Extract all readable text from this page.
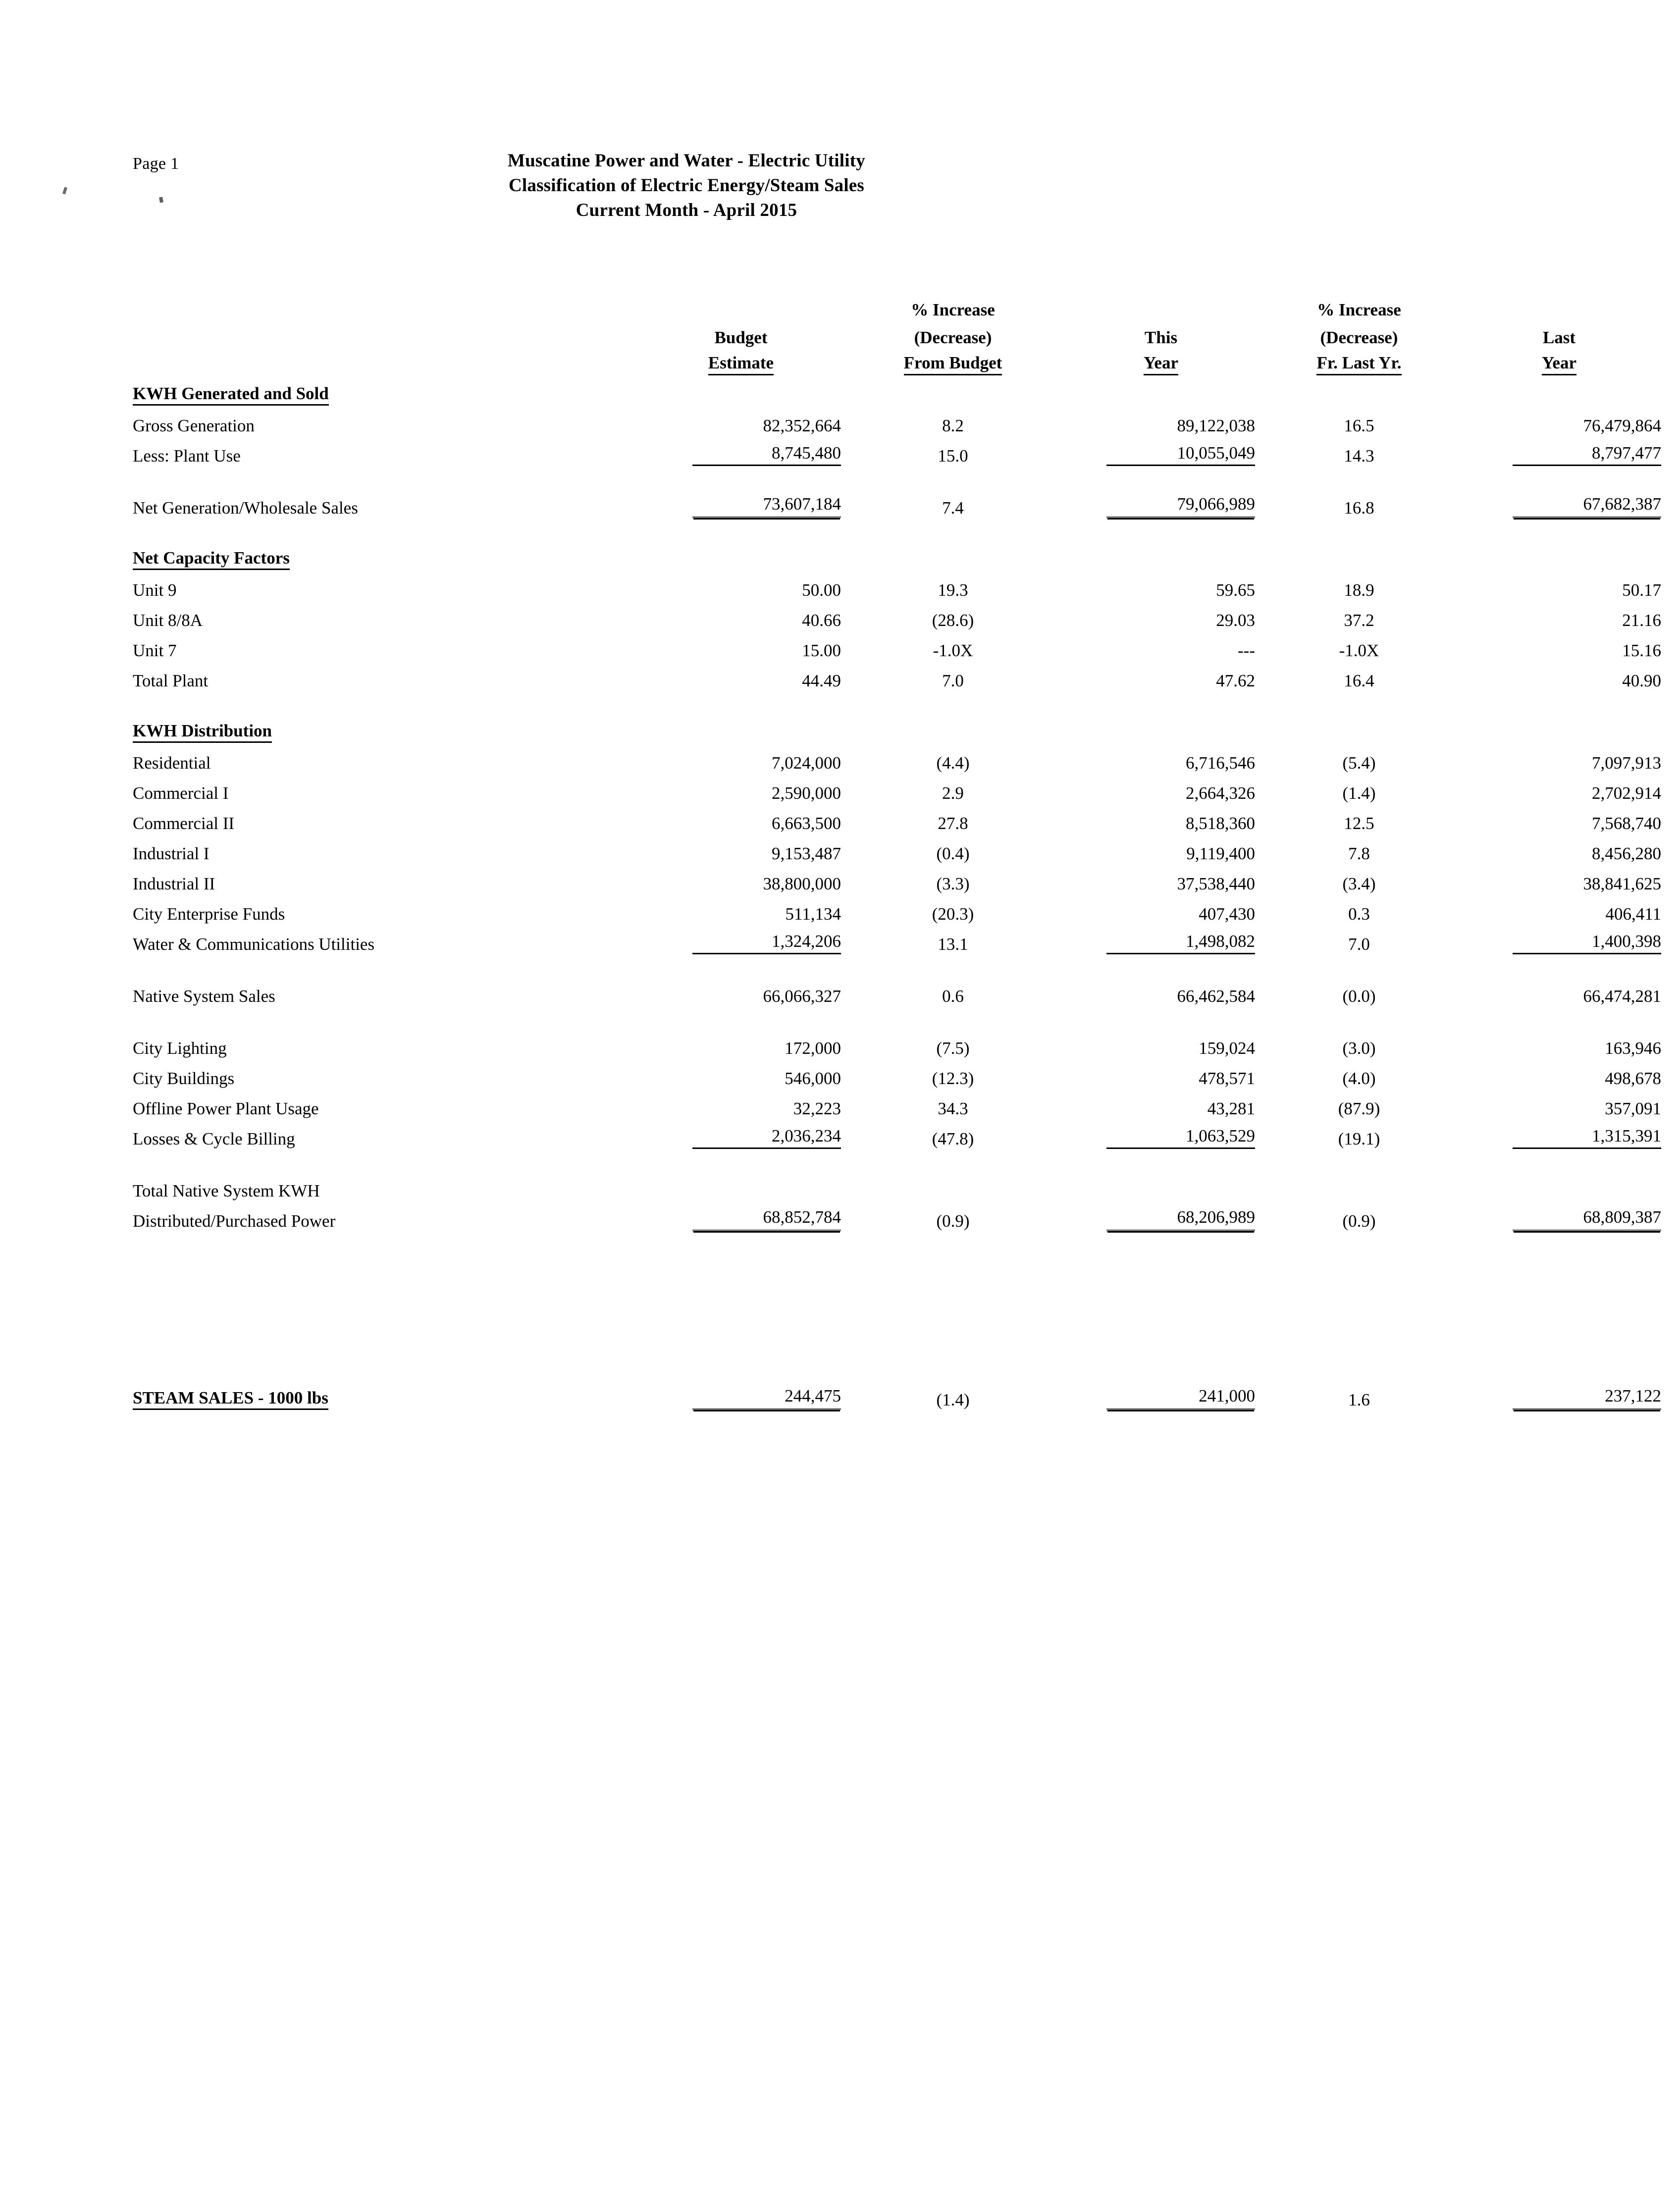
Page 1	Muscatine Power and Water - Electric Utility
Classification of Electric Energy/Steam Sales
Current Month - April 2015
		% Increase		% Increase	
	Budget	(Decrease)	This	(Decrease)	Last
	Estimate	From Budget	Year	Fr. Last Yr.	Year
KWH Generated and Sold					
Gross Generation	82,352,664	8.2	89,122,038	16.5	76,479,864
Less: Plant Use	8,745,480	15.0	10,055,049	14.3	8,797,477

Net Generation/Wholesale Sales	73,607,184	7.4	79,066,989	16.8	67,682,387

Net Capacity Factors					
Unit 9	50.00	19.3	59.65	18.9	50.17
Unit 8/8A	40.66	(28.6)	29.03	37.2	21.16
Unit 7	15.00	-1.0X	---	-1.0X	15.16
Total Plant	44.49	7.0	47.62	16.4	40.90

KWH Distribution					
Residential	7,024,000	(4.4)	6,716,546	(5.4)	7,097,913
Commercial I	2,590,000	2.9	2,664,326	(1.4)	2,702,914
Commercial II	6,663,500	27.8	8,518,360	12.5	7,568,740
Industrial I	9,153,487	(0.4)	9,119,400	7.8	8,456,280
Industrial II	38,800,000	(3.3)	37,538,440	(3.4)	38,841,625
City Enterprise Funds	511,134	(20.3)	407,430	0.3	406,411
Water & Communications Utilities	1,324,206	13.1	1,498,082	7.0	1,400,398

Native System Sales	66,066,327	0.6	66,462,584	(0.0)	66,474,281

City Lighting	172,000	(7.5)	159,024	(3.0)	163,946
City Buildings	546,000	(12.3)	478,571	(4.0)	498,678
Offline Power Plant Usage	32,223	34.3	43,281	(87.9)	357,091
Losses & Cycle Billing	2,036,234	(47.8)	1,063,529	(19.1)	1,315,391

Total Native System KWH					
Distributed/Purchased Power	68,852,784	(0.9)	68,206,989	(0.9)	68,809,387

STEAM SALES - 1000 lbs	244,475	(1.4)	241,000	1.6	237,122
